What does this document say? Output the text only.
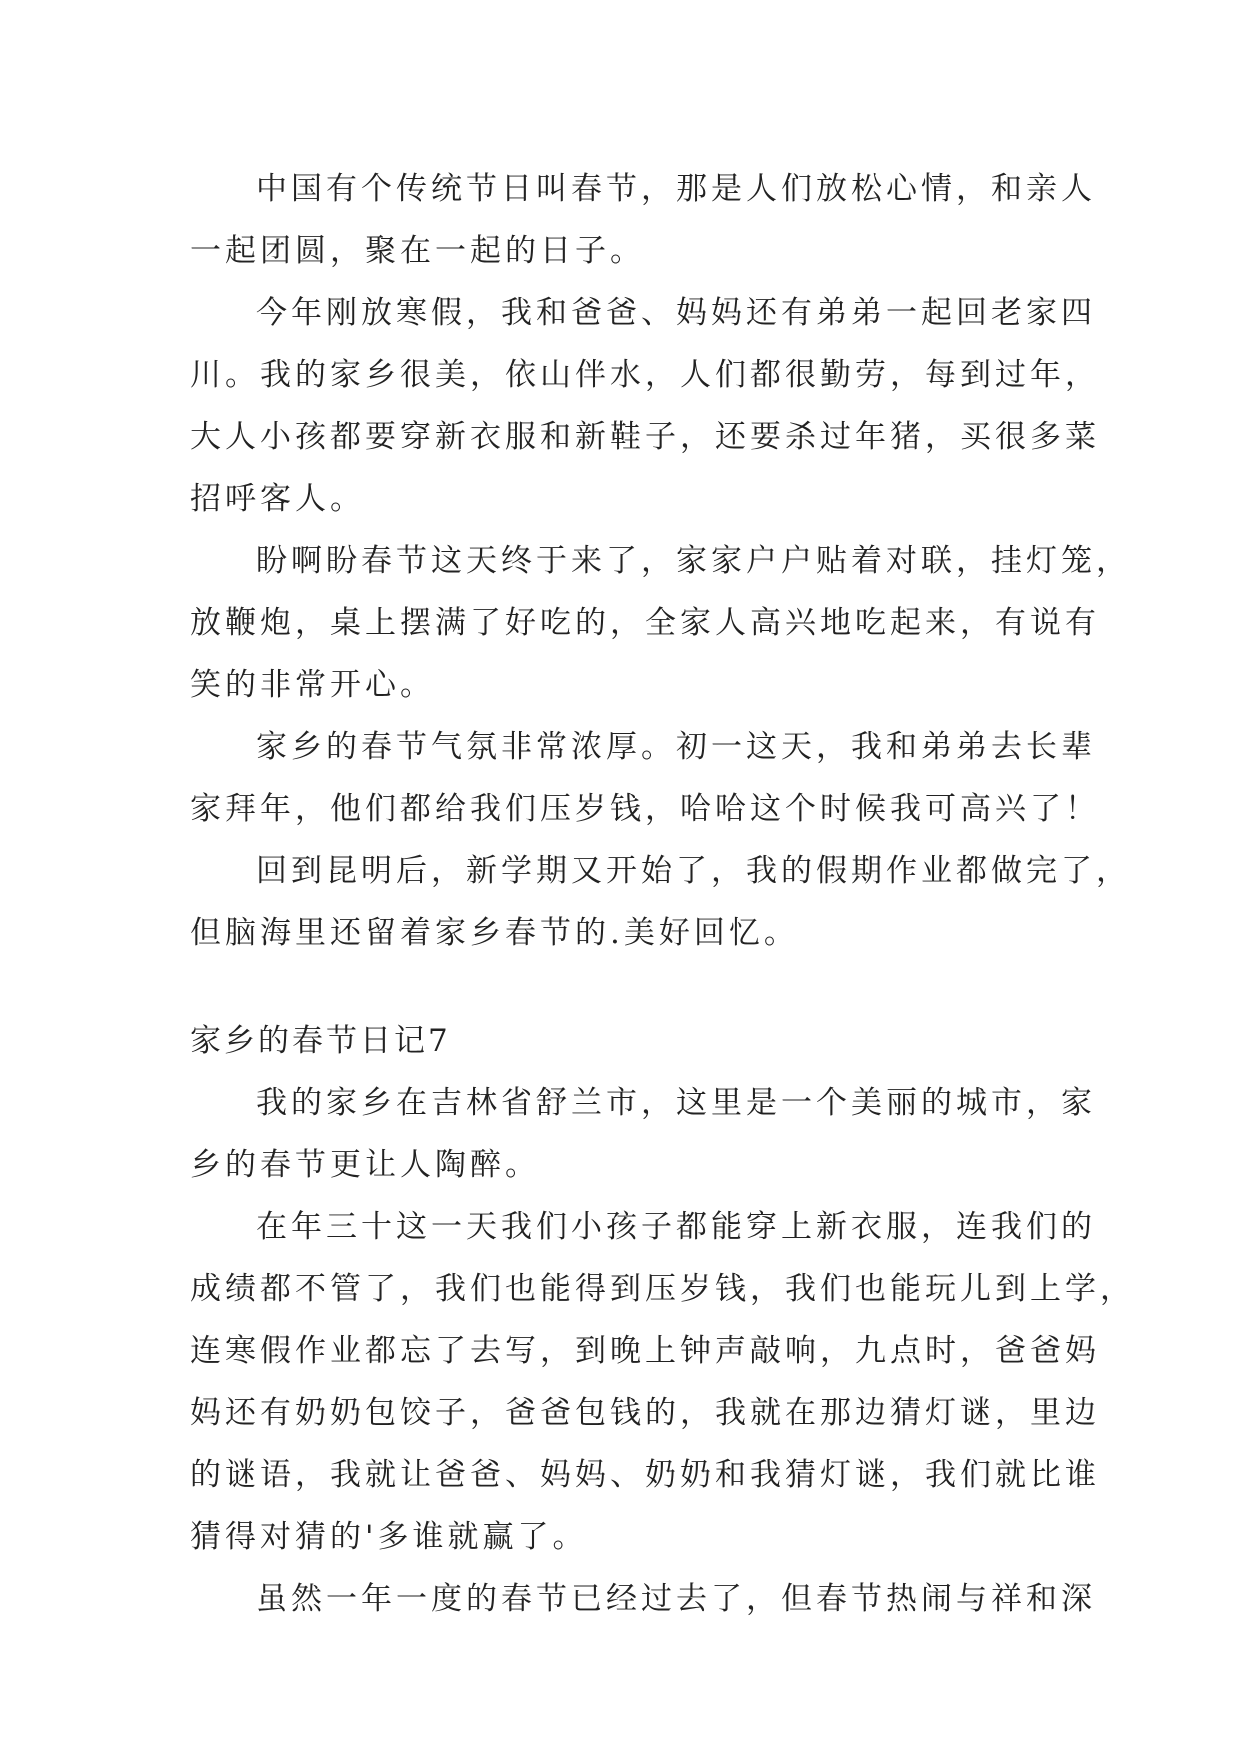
中国有个传统节日叫春节，那是人们放松心情，和亲人
一起团圆，聚在一起的日子。
今年刚放寒假，我和爸爸、妈妈还有弟弟一起回老家四
川。我的家乡很美，依山伴水，人们都很勤劳，每到过年，
大人小孩都要穿新衣服和新鞋子，还要杀过年猪，买很多菜
招呼客人。
盼啊盼春节这天终于来了，家家户户贴着对联，挂灯笼，
放鞭炮，桌上摆满了好吃的，全家人高兴地吃起来，有说有
笑的非常开心。
家乡的春节气氛非常浓厚。初一这天，我和弟弟去长辈
家拜年，他们都给我们压岁钱，哈哈这个时候我可高兴了！
回到昆明后，新学期又开始了，我的假期作业都做完了，
但脑海里还留着家乡春节的.美好回忆。
家乡的春节日记7
我的家乡在吉林省舒兰市，这里是一个美丽的城市，家
乡的春节更让人陶醉。
在年三十这一天我们小孩子都能穿上新衣服，连我们的
成绩都不管了，我们也能得到压岁钱，我们也能玩儿到上学，
连寒假作业都忘了去写，到晚上钟声敲响，九点时，爸爸妈
妈还有奶奶包饺子，爸爸包钱的，我就在那边猜灯谜，里边
的谜语，我就让爸爸、妈妈、奶奶和我猜灯谜，我们就比谁
猜得对猜的'多谁就赢了。
虽然一年一度的春节已经过去了，但春节热闹与祥和深
